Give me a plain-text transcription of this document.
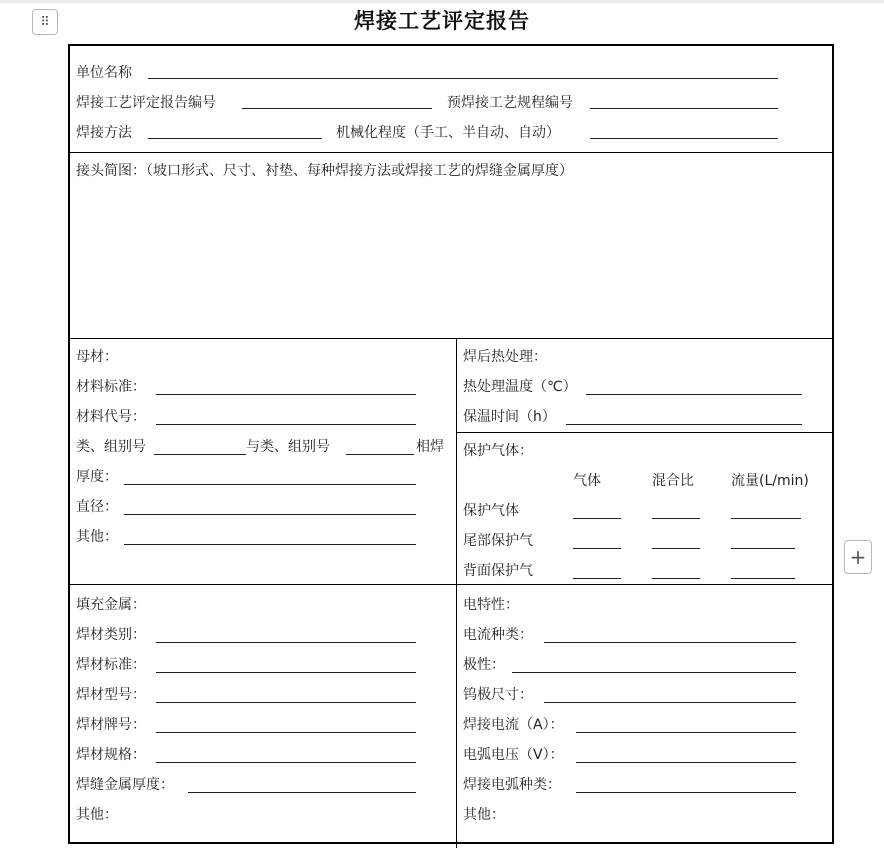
⠿
+
焊接工艺评定报告
单位名称
焊接工艺评定报告编号	预焊接工艺规程编号
焊接方法	机械化程度（手工、半自动、自动）
接头简图：（坡口形式、尺寸、衬垫、每种焊接方法或焊接工艺的焊缝金属厚度）
母材：
材料标准：
材料代号：
类、组别号	与类、组别号	相焊
厚度：
直径：
其他：
焊后热处理：
热处理温度（℃）
保温时间（h）
保护气体：
气体	混合比	流量(L/min)
保护气体
尾部保护气
背面保护气
填充金属：
焊材类别：
焊材标准：
焊材型号：
焊材牌号：
焊材规格：
焊缝金属厚度：
其他：
电特性：
电流种类：
极性：
钨极尺寸：
焊接电流（A）：
电弧电压（V）：
焊接电弧种类：
其他：
